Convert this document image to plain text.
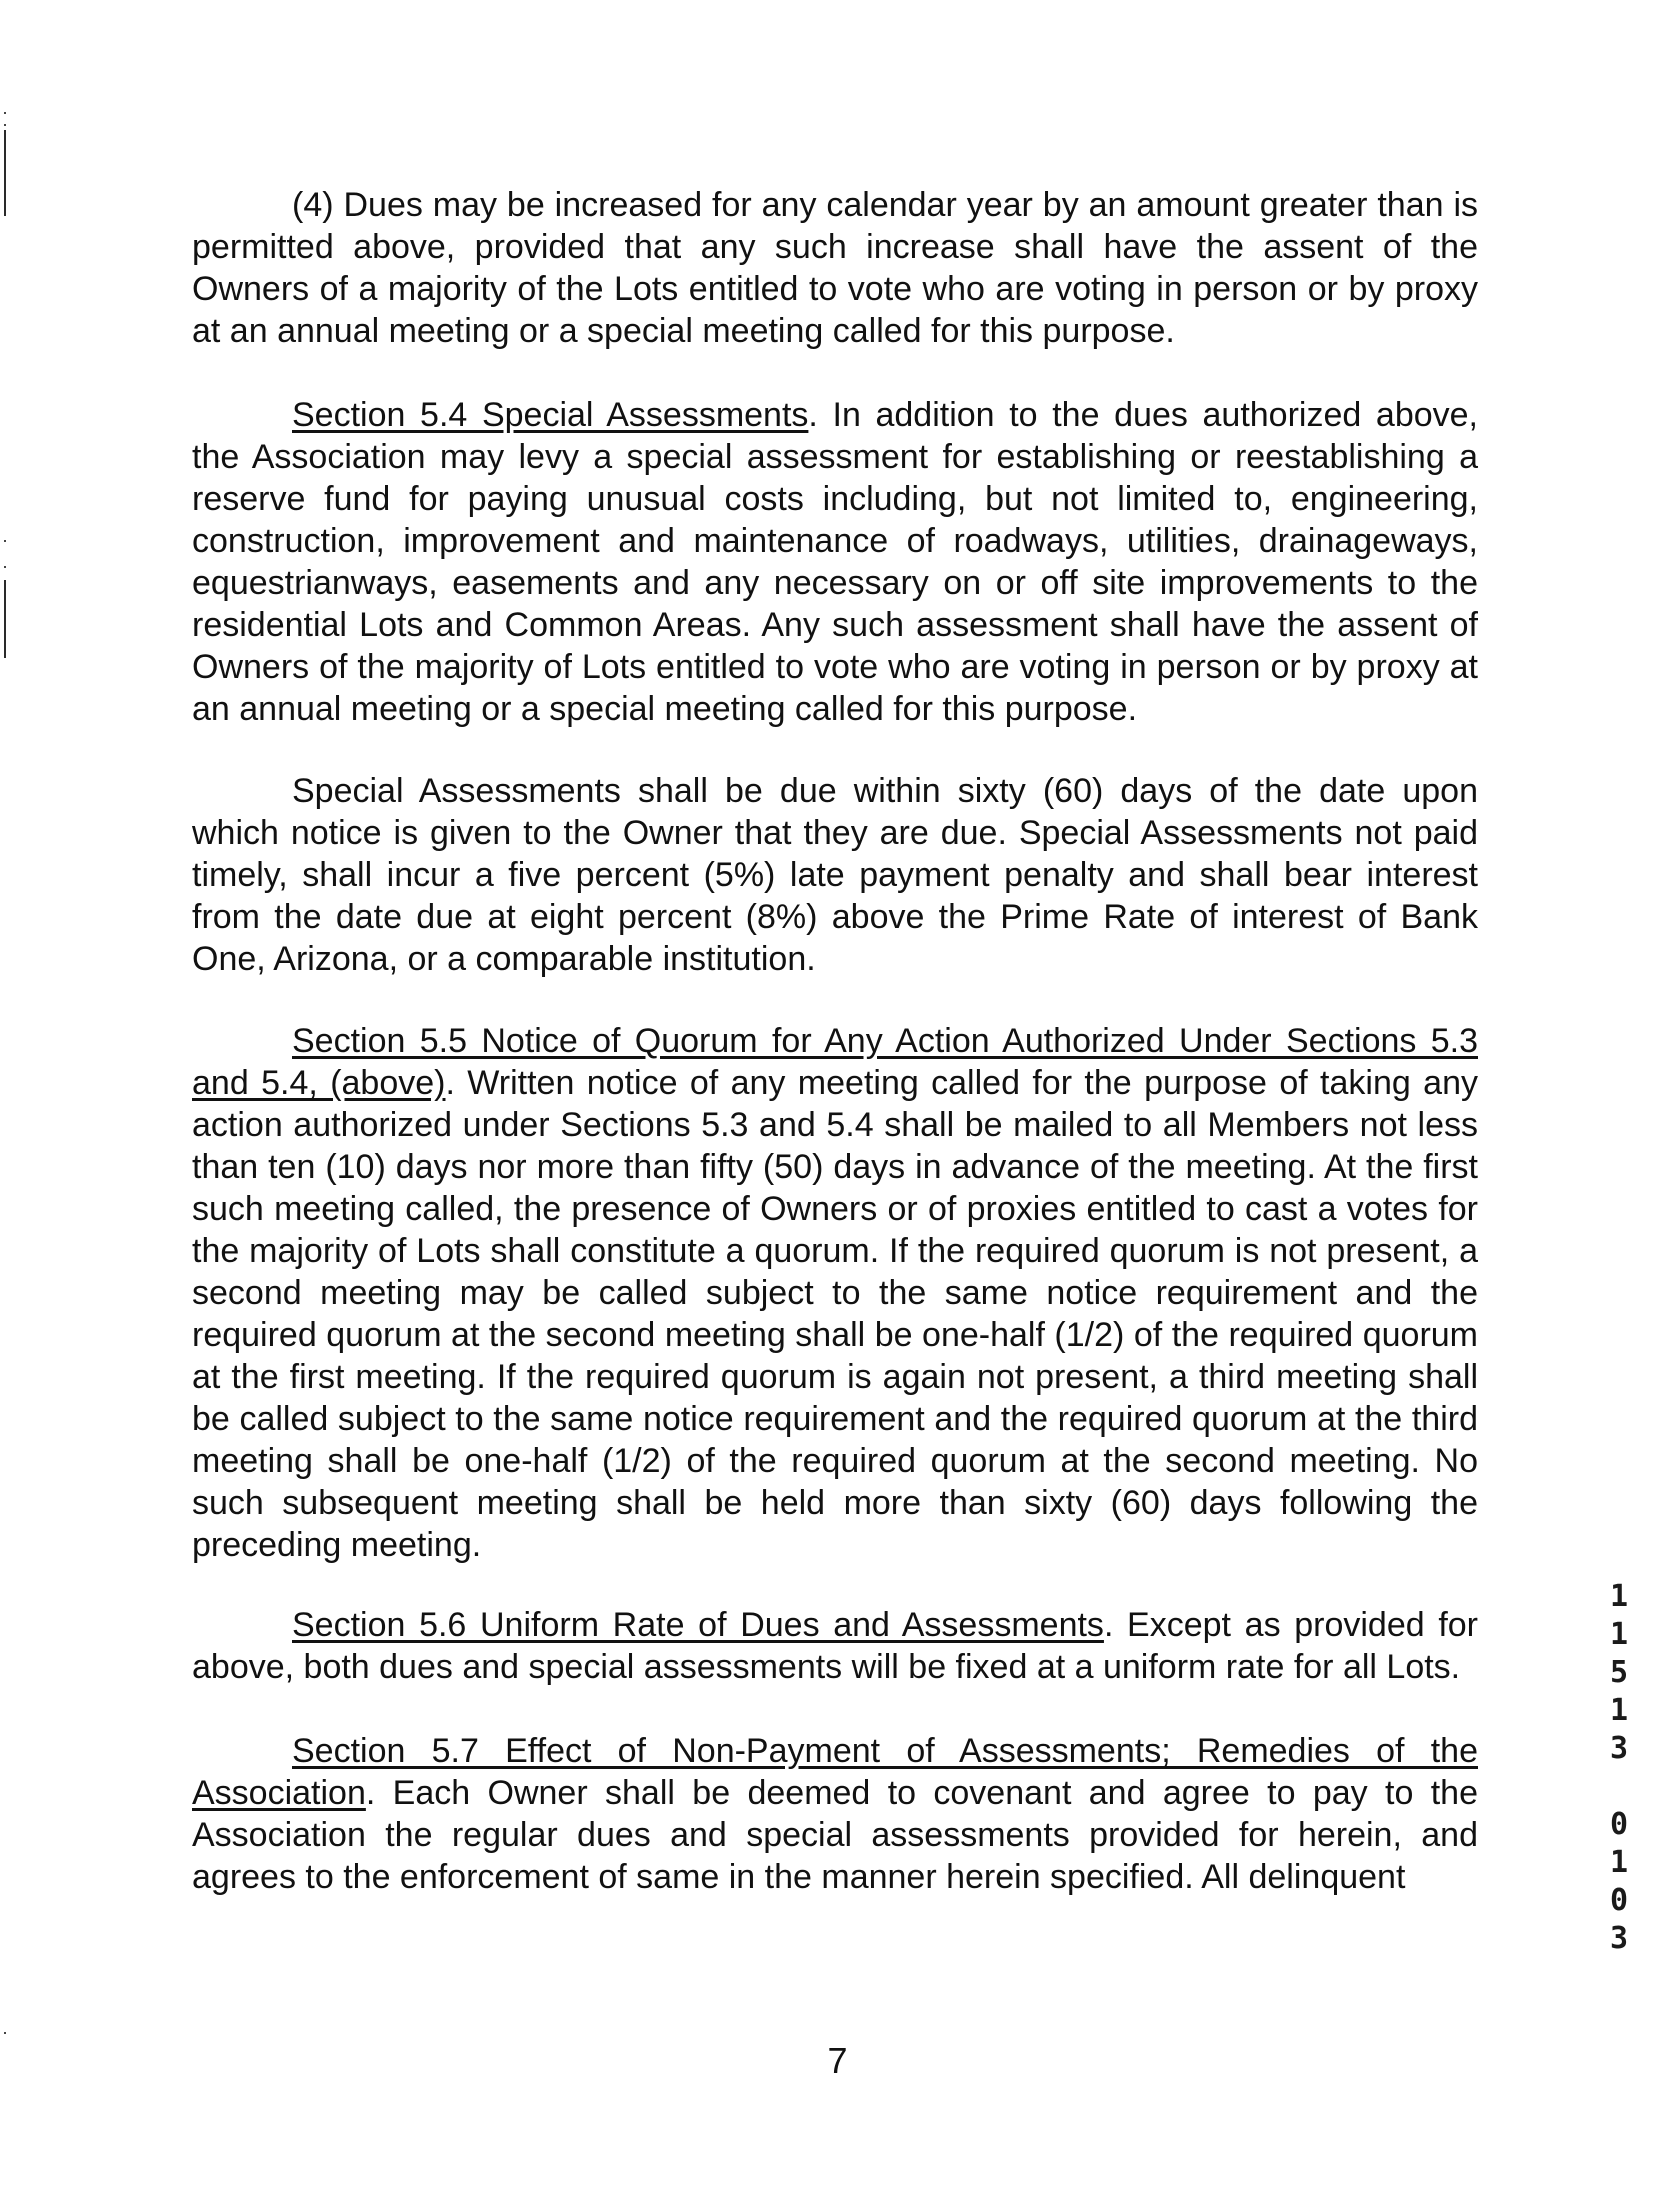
(4) Dues may be increased for any calendar year by an amount greater than is permitted above, provided that any such increase shall have the assent of the Owners of a majority of the Lots entitled to vote who are voting in person or by proxy at an annual meeting or a special meeting called for this purpose.

Section 5.4 Special Assessments. In addition to the dues authorized above, the Association may levy a special assessment for establishing or reestablishing a reserve fund for paying unusual costs including, but not limited to, engineering, construction, improvement and maintenance of roadways, utilities, drainageways, equestrianways, easements and any necessary on or off site improvements to the residential Lots and Common Areas. Any such assessment shall have the assent of Owners of the majority of Lots entitled to vote who are voting in person or by proxy at an annual meeting or a special meeting called for this purpose.

Special Assessments shall be due within sixty (60) days of the date upon which notice is given to the Owner that they are due. Special Assessments not paid timely, shall incur a five percent (5%) late payment penalty and shall bear interest from the date due at eight percent (8%) above the Prime Rate of interest of Bank One, Arizona, or a comparable institution.

Section 5.5 Notice of Quorum for Any Action Authorized Under Sections 5.3 and 5.4, (above). Written notice of any meeting called for the purpose of taking any action authorized under Sections 5.3 and 5.4 shall be mailed to all Members not less than ten (10) days nor more than fifty (50) days in advance of the meeting. At the first such meeting called, the presence of Owners or of proxies entitled to cast a votes for the majority of Lots shall constitute a quorum. If the required quorum is not present, a second meeting may be called subject to the same notice requirement and the required quorum at the second meeting shall be one-half (1/2) of the required quorum at the first meeting. If the required quorum is again not present, a third meeting shall be called subject to the same notice requirement and the required quorum at the third meeting shall be one-half (1/2) of the required quorum at the second meeting. No such subsequent meeting shall be held more than sixty (60) days following the preceding meeting.

Section 5.6 Uniform Rate of Dues and Assessments. Except as provided for above, both dues and special assessments will be fixed at a uniform rate for all Lots.

Section 5.7 Effect of Non-Payment of Assessments; Remedies of the Association. Each Owner shall be deemed to covenant and agree to pay to the Association the regular dues and special assessments provided for herein, and agrees to the enforcement of same in the manner herein specified. All delinquent

7
1
1
5
1
3
0
1
0
3
